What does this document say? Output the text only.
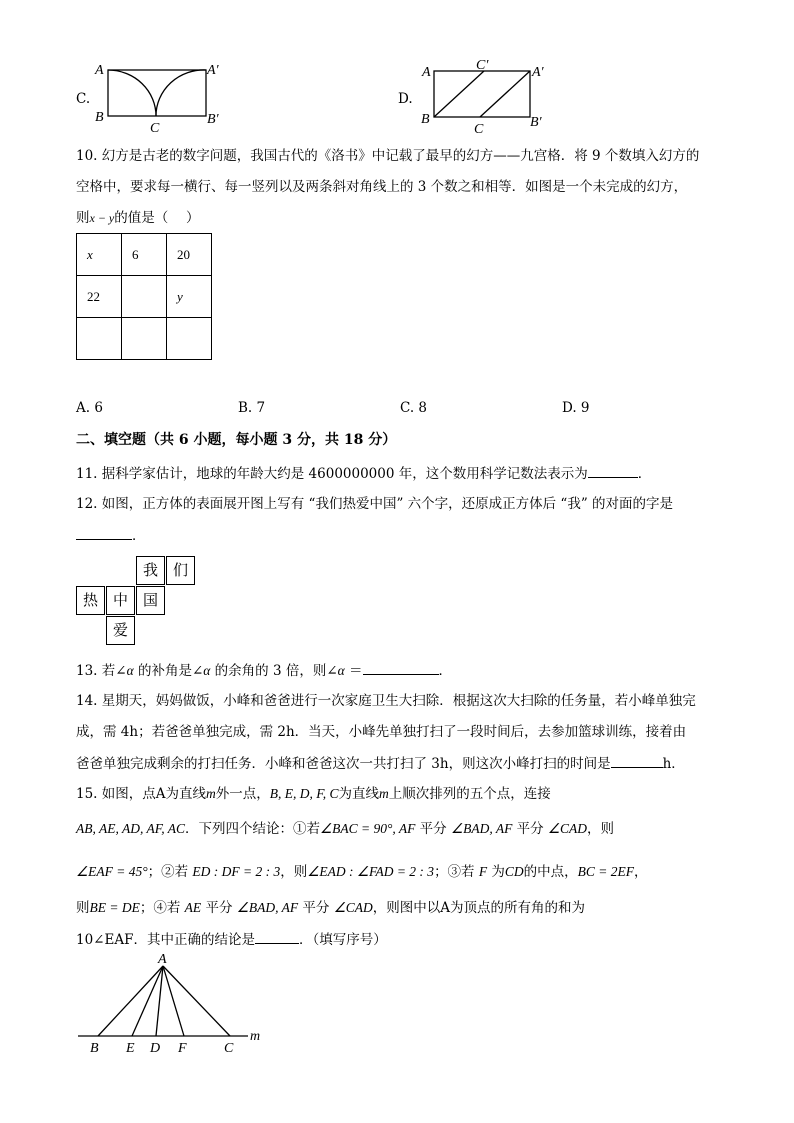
C.
A	A′
B	B′
C
D.
A	C′	A′
B
C	B′
10. 幻方是古老的数字问题，我国古代的《洛书》中记载了最早的幻方——九宫格．将 9 个数填入幻方的
空格中，要求每一横行、每一竖列以及两条斜对角线上的 3 个数之和相等．如图是一个未完成的幻方，
则x − y的值是（　 ）
x	6	20
22		y

A. 6	B. 7	C. 8	D. 9
二、填空题（共 6 小题，每小题 3 分，共 18 分）
11. 据科学家估计，地球的年龄大约是 4600000000 年，这个数用科学记数法表示为	．
12. 如图，正方体的表面展开图上写有 “我们热爱中国” 六个字，还原成正方体后 “我” 的对面的字是
．
我 们
热 中 国
爱
13. 若∠α 的补角是∠α 的余角的 3 倍，则∠α ＝	．
14. 星期天，妈妈做饭，小峰和爸爸进行一次家庭卫生大扫除．根据这次大扫除的任务量，若小峰单独完
成，需 4h；若爸爸单独完成，需 2h．当天，小峰先单独打扫了一段时间后，去参加篮球训练，接着由
爸爸单独完成剩余的打扫任务．小峰和爸爸这次一共打扫了 3h，则这次小峰打扫的时间是	h．
15. 如图，点A为直线m外一点，B, E, D, F, C为直线m上顺次排列的五个点，连接
AB, AE, AD, AF, AC．下列四个结论：①若∠BAC = 90°, AF 平分 ∠BAD, AF 平分 ∠CAD，则
∠EAF = 45°；②若 ED : DF = 2 : 3，则∠EAD : ∠FAD = 2 : 3；③若 F 为CD的中点，BC = 2EF，
则BE = DE；④若 AE 平分 ∠BAD, AF 平分 ∠CAD，则图中以A为顶点的所有角的和为
10∠EAF．其中正确的结论是	．（填写序号）
A
B E D F	C
m
